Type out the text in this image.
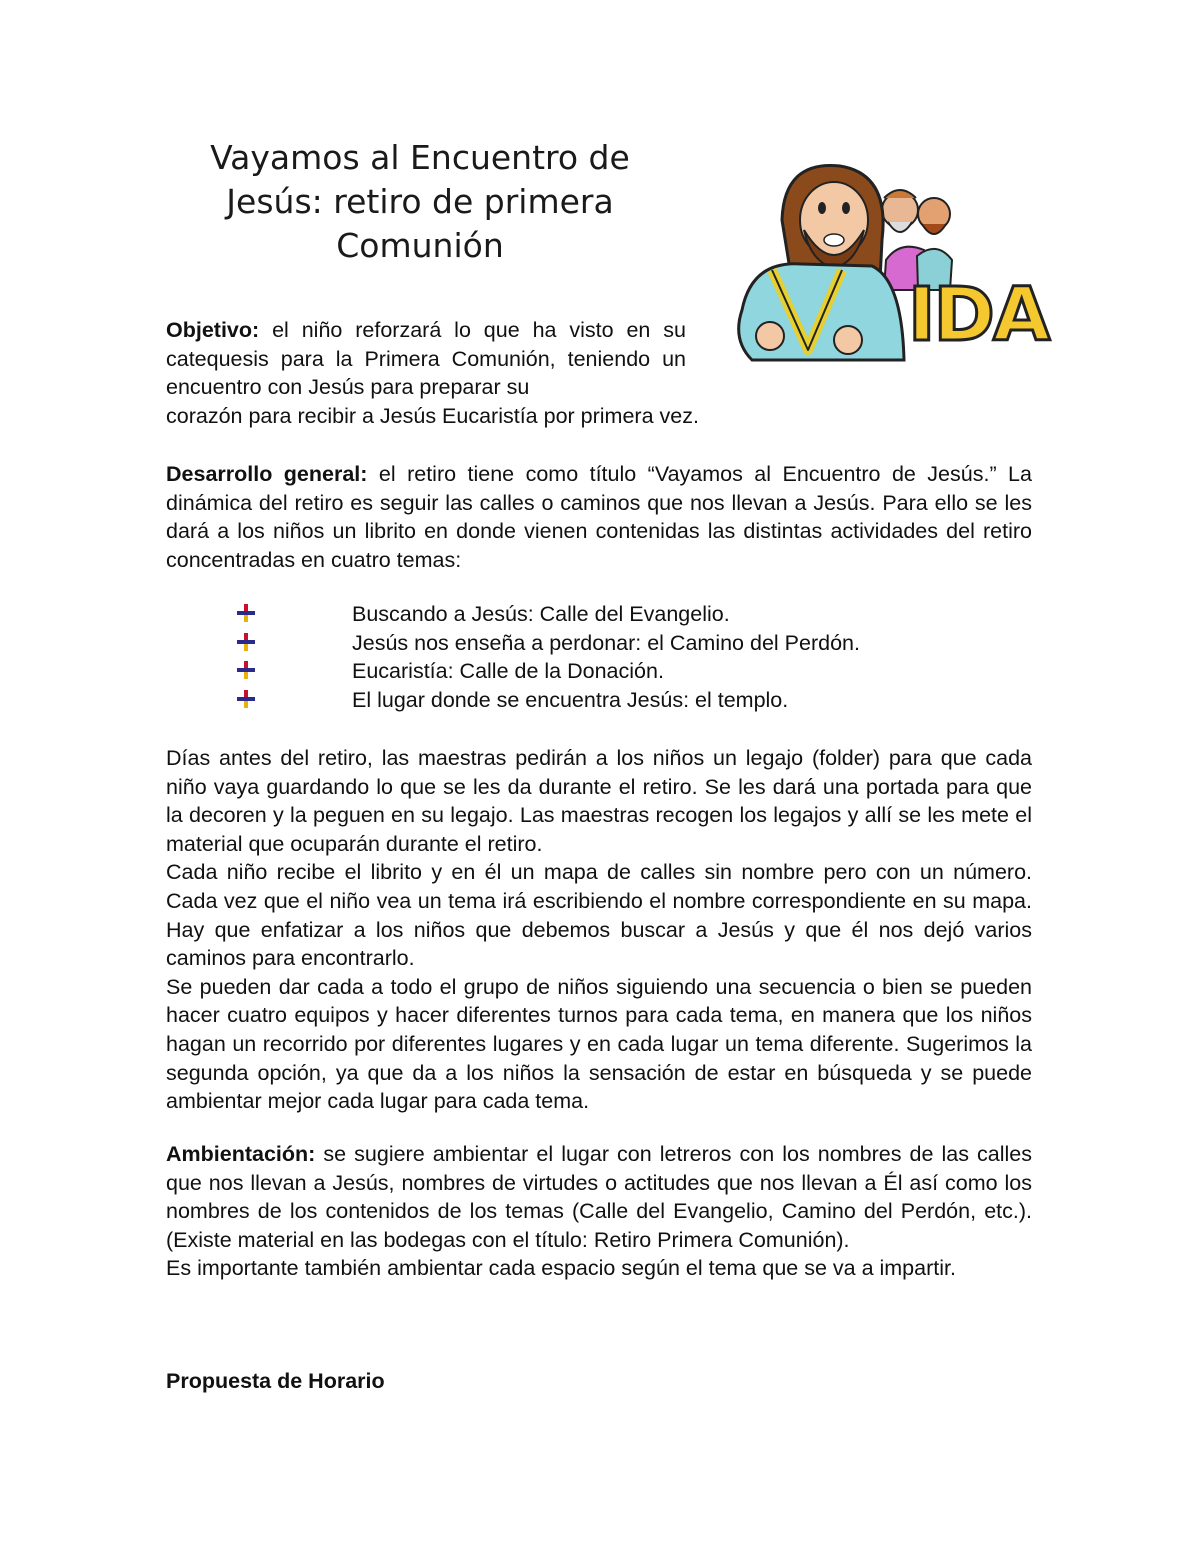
Vayamos al Encuentro de
Jesús: retiro de primera
Comunión
IDA
Objetivo: el niño reforzará lo que ha visto en su catequesis para la Primera Comunión, teniendo un encuentro con Jesús para preparar su
corazón para recibir a Jesús Eucaristía por primera vez.
Desarrollo general: el retiro tiene como título “Vayamos al Encuentro de Jesús.” La dinámica del retiro es seguir las calles o caminos que nos llevan a Jesús. Para ello se les dará a los niños un librito en donde vienen contenidas las distintas actividades del retiro concentradas en cuatro temas:
Buscando a Jesús: Calle del Evangelio.
Jesús nos enseña a perdonar: el Camino del Perdón.
Eucaristía: Calle de la Donación.
El lugar donde se encuentra Jesús: el templo.
Días antes del retiro, las maestras pedirán a los niños un legajo (folder) para que cada niño vaya guardando lo que se les da durante el retiro. Se les dará una portada para que la decoren y la peguen en su legajo. Las maestras recogen los legajos y allí se les mete el material que ocuparán durante el retiro.
Cada niño recibe el librito y en él un mapa de calles sin nombre pero con un número. Cada vez que el niño vea un tema irá escribiendo el nombre correspondiente en su mapa. Hay que enfatizar a los niños que debemos buscar a Jesús y que él nos dejó varios caminos para encontrarlo.
Se pueden dar cada a todo el grupo de niños siguiendo una secuencia o bien se pueden hacer cuatro equipos y hacer diferentes turnos para cada tema, en manera que los niños hagan un recorrido por diferentes lugares y en cada lugar un tema diferente. Sugerimos la segunda opción, ya que da a los niños la sensación de estar en búsqueda y se puede ambientar mejor cada lugar para cada tema.
Ambientación: se sugiere ambientar el lugar con letreros con los nombres de las calles que nos llevan a Jesús, nombres de virtudes o actitudes que nos llevan a Él así como los nombres de los contenidos de los temas (Calle del Evangelio, Camino del Perdón, etc.). (Existe material en las bodegas con el título: Retiro Primera Comunión).
Es importante también ambientar cada espacio según el tema que se va a impartir.
Propuesta de Horario
